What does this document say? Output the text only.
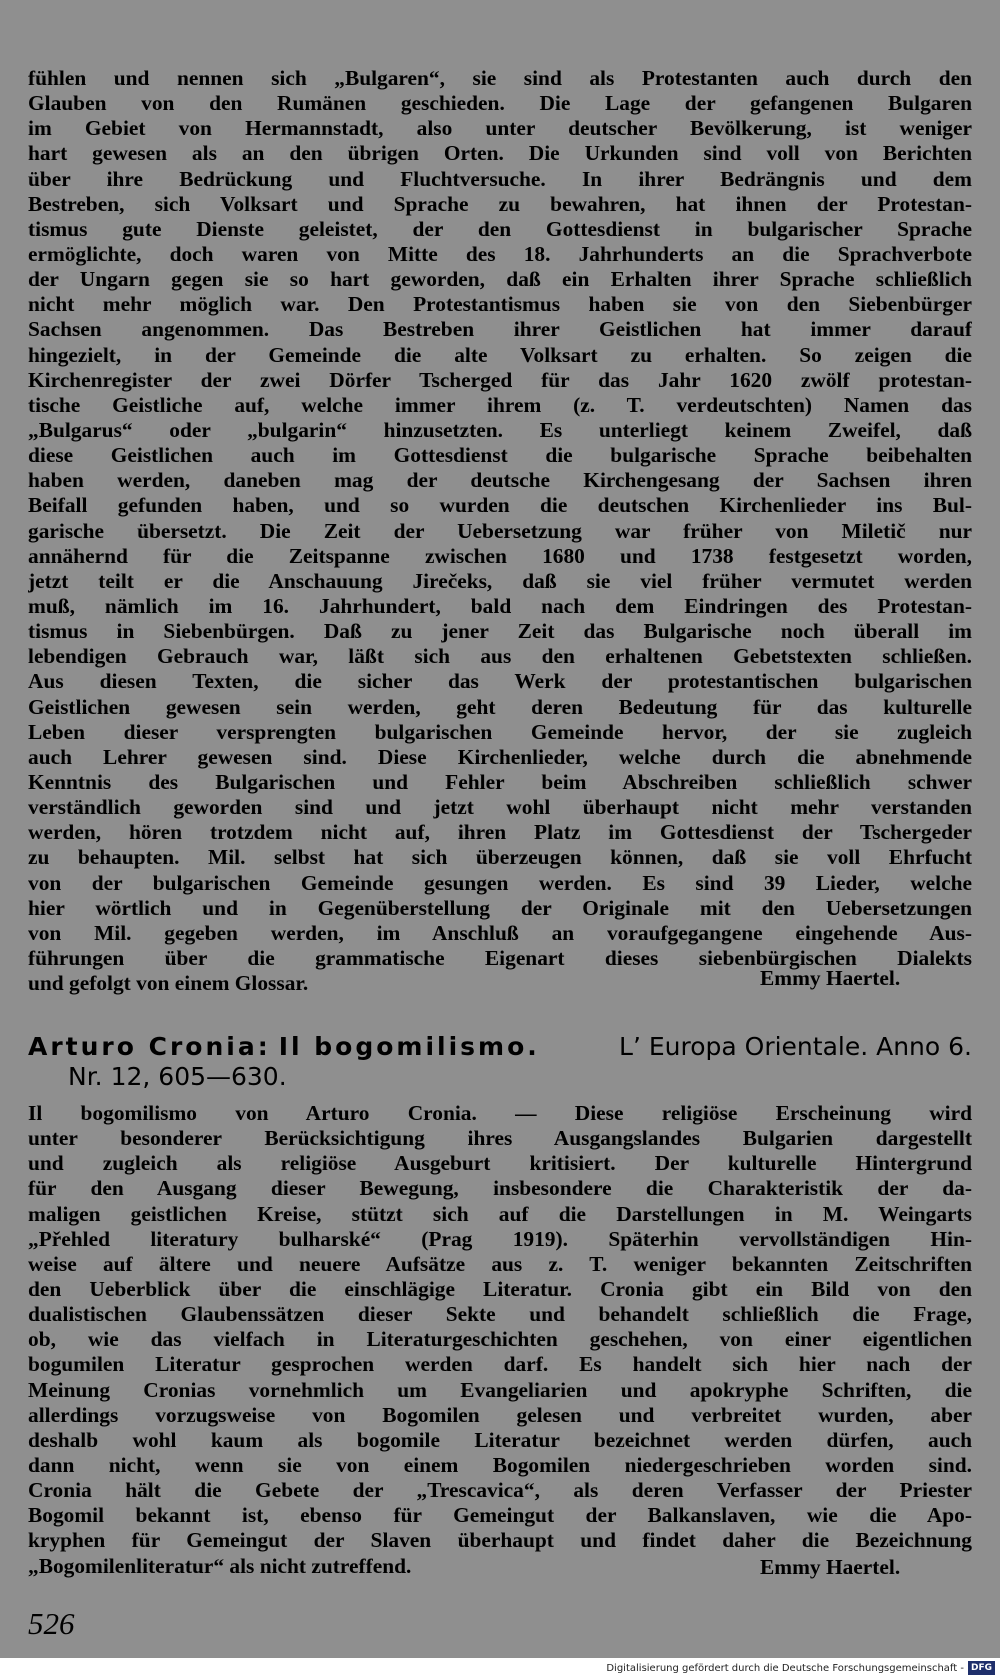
fühlen und nennen sich „Bulgaren“, sie sind als Protestanten auch durch den
Glauben von den Rumänen geschieden. Die Lage der gefangenen Bulgaren
im Gebiet von Hermannstadt, also unter deutscher Bevölkerung, ist weniger
hart gewesen als an den übrigen Orten. Die Urkunden sind voll von Berichten
über ihre Bedrückung und Fluchtversuche. In ihrer Bedrängnis und dem
Bestreben, sich Volksart und Sprache zu bewahren, hat ihnen der Protestan-
tismus gute Dienste geleistet, der den Gottesdienst in bulgarischer Sprache
ermöglichte, doch waren von Mitte des 18. Jahrhunderts an die Sprachverbote
der Ungarn gegen sie so hart geworden, daß ein Erhalten ihrer Sprache schließlich
nicht mehr möglich war. Den Protestantismus haben sie von den Siebenbürger
Sachsen angenommen. Das Bestreben ihrer Geistlichen hat immer darauf
hingezielt, in der Gemeinde die alte Volksart zu erhalten. So zeigen die
Kirchenregister der zwei Dörfer Tscherged für das Jahr 1620 zwölf protestan-
tische Geistliche auf, welche immer ihrem (z. T. verdeutschten) Namen das
„Bulgarus“ oder „bulgarin“ hinzusetzten. Es unterliegt keinem Zweifel, daß
diese Geistlichen auch im Gottesdienst die bulgarische Sprache beibehalten
haben werden, daneben mag der deutsche Kirchengesang der Sachsen ihren
Beifall gefunden haben, und so wurden die deutschen Kirchenlieder ins Bul-
garische übersetzt. Die Zeit der Uebersetzung war früher von Miletič nur
annähernd für die Zeitspanne zwischen 1680 und 1738 festgesetzt worden,
jetzt teilt er die Anschauung Jirečeks, daß sie viel früher vermutet werden
muß, nämlich im 16. Jahrhundert, bald nach dem Eindringen des Protestan-
tismus in Siebenbürgen. Daß zu jener Zeit das Bulgarische noch überall im
lebendigen Gebrauch war, läßt sich aus den erhaltenen Gebetstexten schließen.
Aus diesen Texten, die sicher das Werk der protestantischen bulgarischen
Geistlichen gewesen sein werden, geht deren Bedeutung für das kulturelle
Leben dieser versprengten bulgarischen Gemeinde hervor, der sie zugleich
auch Lehrer gewesen sind. Diese Kirchenlieder, welche durch die abnehmende
Kenntnis des Bulgarischen und Fehler beim Abschreiben schließlich schwer
verständlich geworden sind und jetzt wohl überhaupt nicht mehr verstanden
werden, hören trotzdem nicht auf, ihren Platz im Gottesdienst der Tschergeder
zu behaupten. Mil. selbst hat sich überzeugen können, daß sie voll Ehrfucht
von der bulgarischen Gemeinde gesungen werden. Es sind 39 Lieder, welche
hier wörtlich und in Gegenüberstellung der Originale mit den Uebersetzungen
von Mil. gegeben werden, im Anschluß an voraufgegangene eingehende Aus-
führungen über die grammatische Eigenart dieses siebenbürgischen Dialekts
und gefolgt von einem Glossar.	Emmy Haertel.
Arturo Cronia: Il bogomilismo.	L’ Europa Orientale. Anno 6.
Nr. 12, 605—630.
Il bogomilismo von Arturo Cronia. — Diese religiöse Erscheinung wird
unter besonderer Berücksichtigung ihres Ausgangslandes Bulgarien dargestellt
und zugleich als religiöse Ausgeburt kritisiert. Der kulturelle Hintergrund
für den Ausgang dieser Bewegung, insbesondere die Charakteristik der da-
maligen geistlichen Kreise, stützt sich auf die Darstellungen in M. Weingarts
„Přehled literatury bulharské“ (Prag 1919). Späterhin vervollständigen Hin-
weise auf ältere und neuere Aufsätze aus z. T. weniger bekannten Zeitschriften
den Ueberblick über die einschlägige Literatur. Cronia gibt ein Bild von den
dualistischen Glaubenssätzen dieser Sekte und behandelt schließlich die Frage,
ob, wie das vielfach in Literaturgeschichten geschehen, von einer eigentlichen
bogumilen Literatur gesprochen werden darf. Es handelt sich hier nach der
Meinung Cronias vornehmlich um Evangeliarien und apokryphe Schriften, die
allerdings vorzugsweise von Bogomilen gelesen und verbreitet wurden, aber
deshalb wohl kaum als bogomile Literatur bezeichnet werden dürfen, auch
dann nicht, wenn sie von einem Bogomilen niedergeschrieben worden sind.
Cronia hält die Gebete der „Trescavica“, als deren Verfasser der Priester
Bogomil bekannt ist, ebenso für Gemeingut der Balkanslaven, wie die Apo-
kryphen für Gemeingut der Slaven überhaupt und findet daher die Bezeichnung
„Bogomilenliteratur“ als nicht zutreffend.	Emmy Haertel.
526
Digitalisierung gefördert durch die Deutsche Forschungsgemeinschaft - DFG
